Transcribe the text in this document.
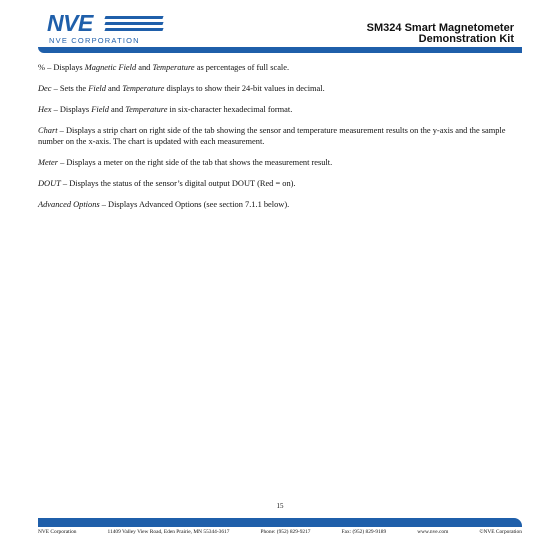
NVE
NVE CORPORATION
SM324 Smart Magnetometer
Demonstration Kit

% – Displays Magnetic Field and Temperature as percentages of full scale.

Dec – Sets the Field and Temperature displays to show their 24-bit values in decimal.

Hex – Displays Field and Temperature in six-character hexadecimal format.

Chart – Displays a strip chart on right side of the tab showing the sensor and temperature measurement results on the y-axis and the sample number on the x-axis. The chart is updated with each measurement.

Meter – Displays a meter on the right side of the tab that shows the measurement result.

DOUT – Displays the status of the sensor’s digital output DOUT (Red = on).

Advanced Options – Displays Advanced Options (see section 7.1.1 below).

15
NVE Corporation	11409 Valley View Road, Eden Prairie, MN 55344-3617	Phone: (952) 829-9217	Fax: (952) 829-9189	www.nve.com	©NVE Corporation
